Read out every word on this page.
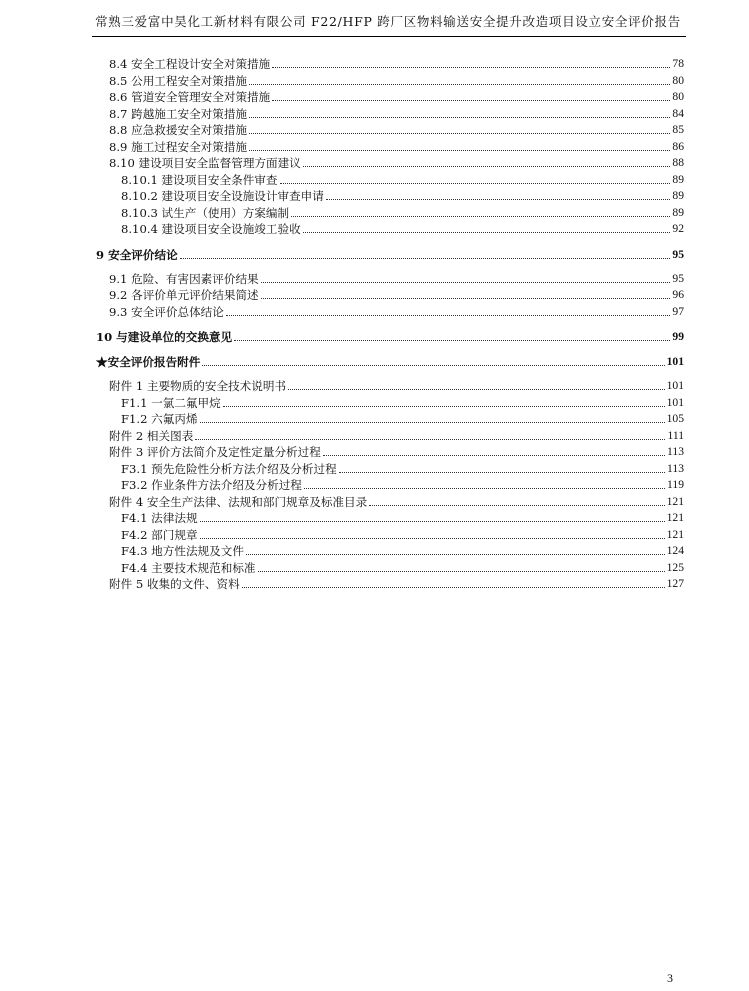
常熟三爱富中昊化工新材料有限公司 F22/HFP 跨厂区物料输送安全提升改造项目设立安全评价报告
8.4 安全工程设计安全对策措施	78
8.5 公用工程安全对策措施	80
8.6 管道安全管理安全对策措施	80
8.7 跨越施工安全对策措施	84
8.8 应急救援安全对策措施	85
8.9 施工过程安全对策措施	86
8.10 建设项目安全监督管理方面建议	88
8.10.1 建设项目安全条件审查	89
8.10.2 建设项目安全设施设计审查申请	89
8.10.3 试生产（使用）方案编制	89
8.10.4 建设项目安全设施竣工验收	92
9 安全评价结论	95
9.1 危险、有害因素评价结果	95
9.2 各评价单元评价结果简述	96
9.3 安全评价总体结论	97
10 与建设单位的交换意见	99
★安全评价报告附件	101
附件 1 主要物质的安全技术说明书	101
F1.1 一氯二氟甲烷	101
F1.2 六氟丙烯	105
附件 2 相关图表	111
附件 3 评价方法简介及定性定量分析过程	113
F3.1 预先危险性分析方法介绍及分析过程	113
F3.2 作业条件方法介绍及分析过程	119
附件 4 安全生产法律、法规和部门规章及标准目录	121
F4.1 法律法规	121
F4.2 部门规章	121
F4.3 地方性法规及文件	124
F4.4 主要技术规范和标准	125
附件 5 收集的文件、资料	127
3
